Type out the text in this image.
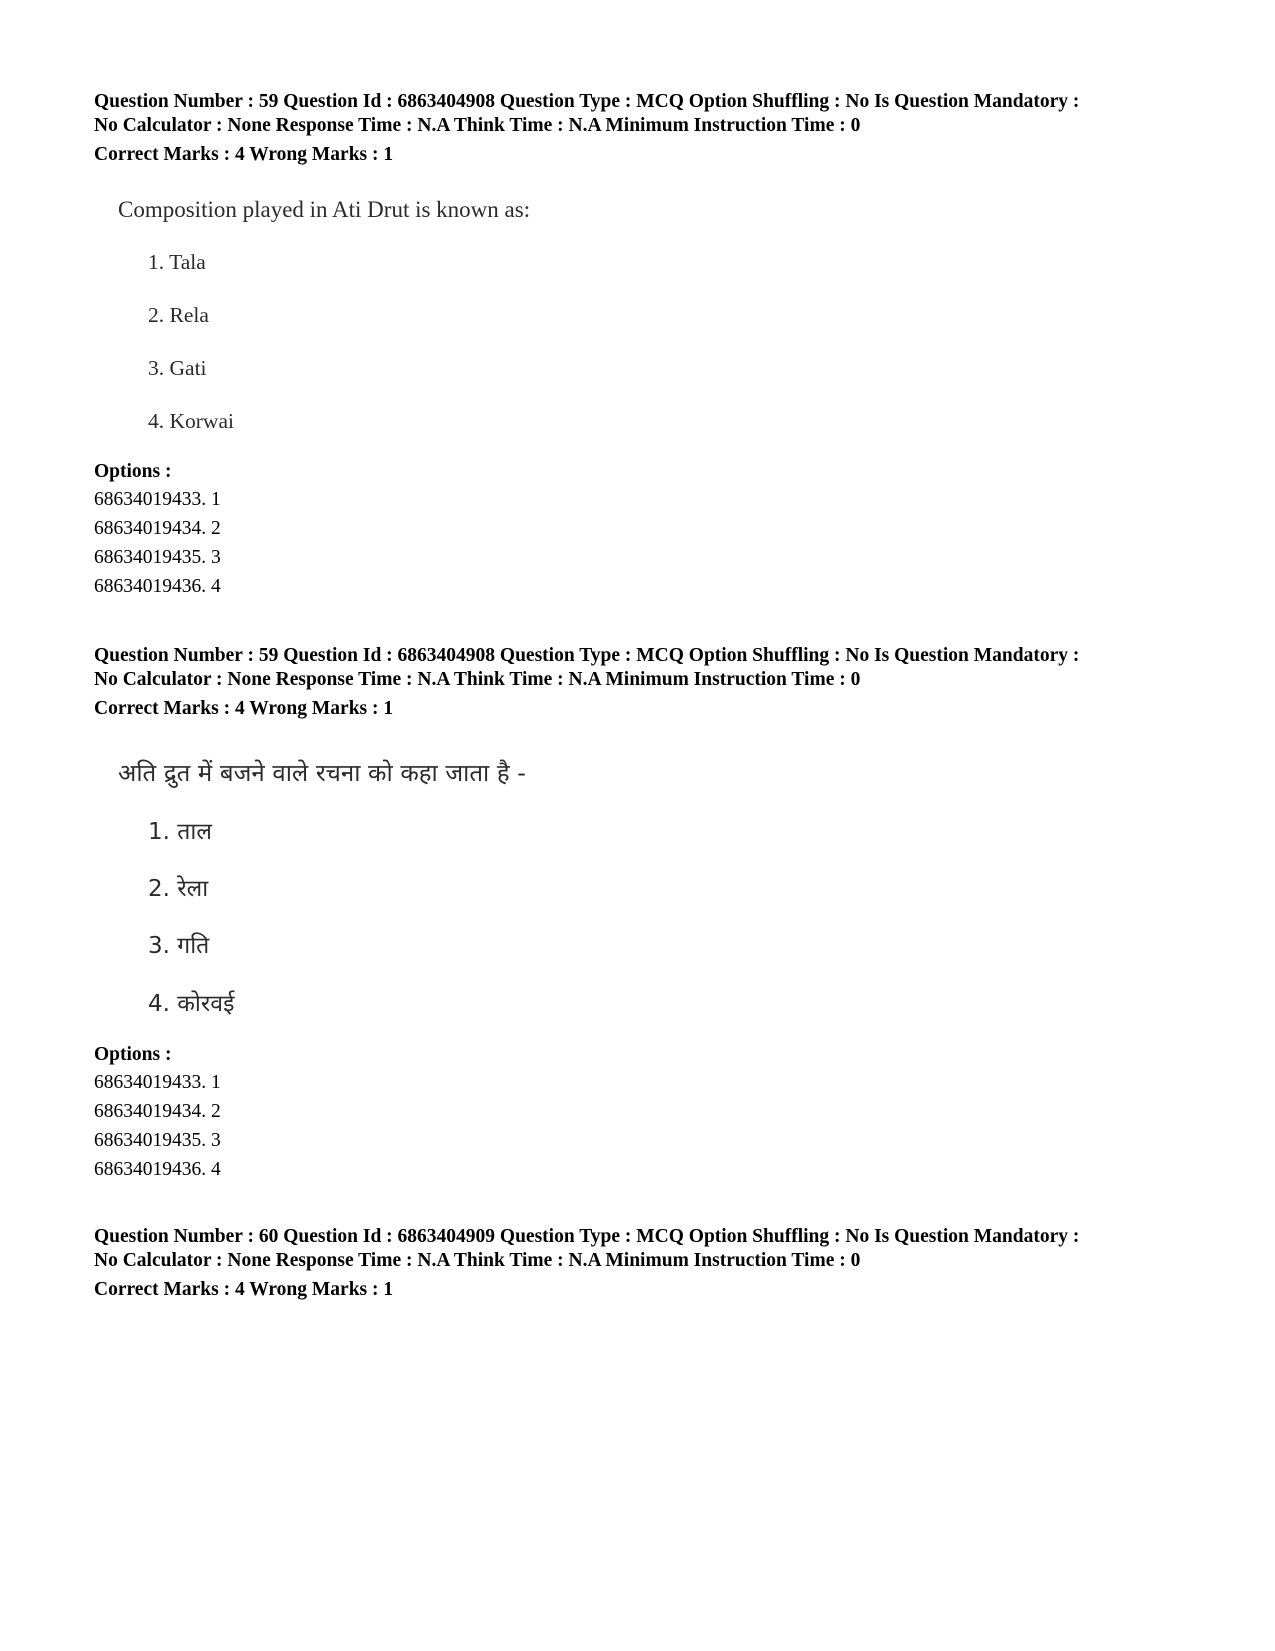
Question Number : 59 Question Id : 6863404908 Question Type : MCQ Option Shuffling : No Is Question Mandatory :
No Calculator : None Response Time : N.A Think Time : N.A Minimum Instruction Time : 0
Correct Marks : 4 Wrong Marks : 1
Composition played in Ati Drut is known as:
1. Tala
2. Rela
3. Gati
4. Korwai
Options :
68634019433. 1
68634019434. 2
68634019435. 3
68634019436. 4
Question Number : 59 Question Id : 6863404908 Question Type : MCQ Option Shuffling : No Is Question Mandatory :
No Calculator : None Response Time : N.A Think Time : N.A Minimum Instruction Time : 0
Correct Marks : 4 Wrong Marks : 1
अति द्रुत में बजने वाले रचना को कहा जाता है -
1. ताल
2. रेला
3. गति
4. कोरवई
Options :
68634019433. 1
68634019434. 2
68634019435. 3
68634019436. 4
Question Number : 60 Question Id : 6863404909 Question Type : MCQ Option Shuffling : No Is Question Mandatory :
No Calculator : None Response Time : N.A Think Time : N.A Minimum Instruction Time : 0
Correct Marks : 4 Wrong Marks : 1
